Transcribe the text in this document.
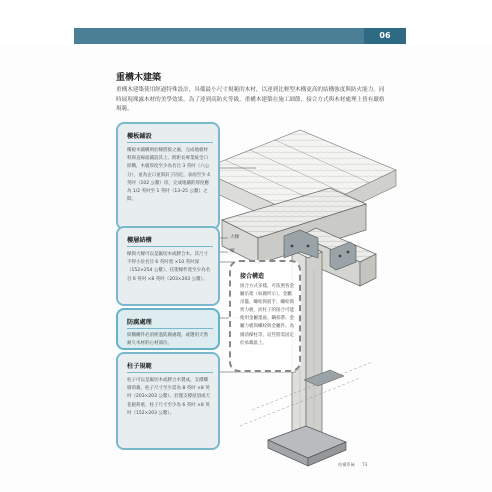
06
重構木建築
重構木建築使用經過特殊設計，具備最小尺寸規範的木材，以達到比輕型木構更高的結構強度與防火能力。同時展現裸露木材的美學效果。為了達到高防火等級，重構木建築在施工細節、接合方式與木材處理上皆有嚴格規範。
大樑
樑
樓板鋪設
樓板木鋪構則於樑搭接之處，完成地板材料與直線面鋪設其上。跨距長專業統全口結構，木板厚度至少為名目 3 英吋（六公分），並為企口並與釘子固定，表面至少 4 英吋（102 公釐）厚，完成地鋪的厚度應為 1/2 英吋至 1 英吋（13–25 公釐）之間。
樓層結構
樑與大樑可以是鋸切木或膠合木。其尺寸不得小於名目 6 英吋寬 ×10 英吋深（152×254 公釐）。托架樑件寬至少為名目 6 英吋 ×8 英吋（203×203 公釐）。
防腐處理
結構構件必須經過防腐處理，或選用天然耐久木材的心材部位。
柱子規範
柱子可以是鋸切木或膠合木製成。支撐樓層荷載，柱子尺寸至少需為 8 英吋 ×8 英吋（203×203 公釐）。於僅支撐屋頂或天花板荷重，柱子尺寸至少為 6 英吋 ×8 英吋（152×203 公釐）。
接合構造
接合方式多樣，可依照各金屬吊架（如圖所示），金屬吊籠、螺栓與扳手、螺栓與剪力板，而柱子的接合可能使用金屬墨座、鋼扣帶、金屬力板與螺栓與金屬件。為國清樑柱等，這些將需固定於承載區上。
結構系統 73
